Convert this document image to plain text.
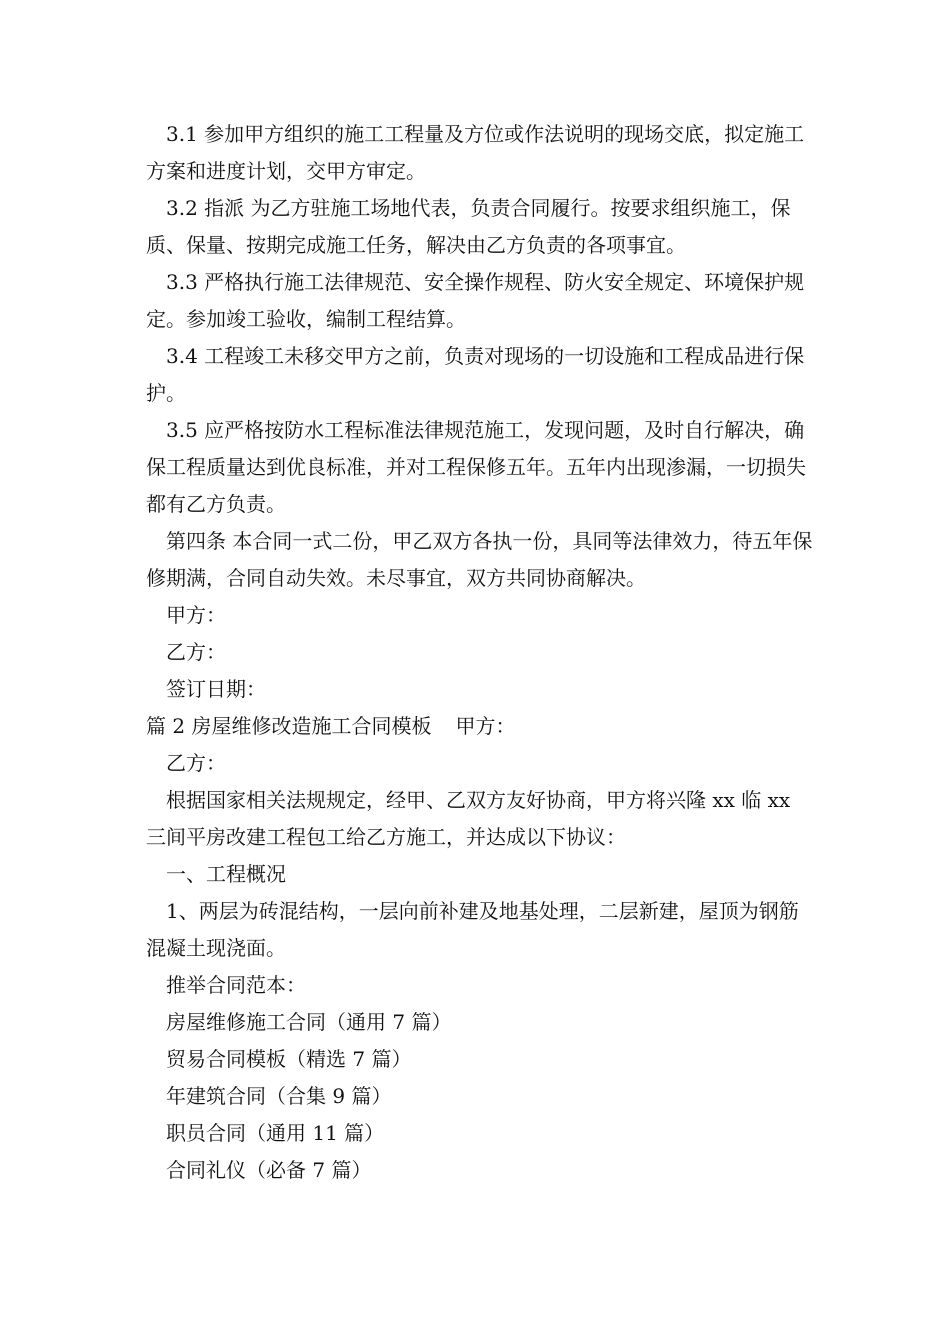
3.1 参加甲方组织的施工工程量及方位或作法说明的现场交底，拟定施工方案和进度计划，交甲方审定。

3.2 指派 为乙方驻施工场地代表，负责合同履行。按要求组织施工，保质、保量、按期完成施工任务，解决由乙方负责的各项事宜。

3.3 严格执行施工法律规范、安全操作规程、防火安全规定、环境保护规定。参加竣工验收，编制工程结算。

3.4 工程竣工未移交甲方之前，负责对现场的一切设施和工程成品进行保护。

3.5 应严格按防水工程标准法律规范施工，发现问题，及时自行解决，确保工程质量达到优良标准，并对工程保修五年。五年内出现渗漏，一切损失都有乙方负责。

第四条 本合同一式二份，甲乙双方各执一份，具同等法律效力，待五年保修期满，合同自动失效。未尽事宜，双方共同协商解决。

甲方：

乙方：

签订日期：

篇 2 房屋维修改造施工合同模板 甲方：

乙方：

根据国家相关法规规定，经甲、乙双方友好协商，甲方将兴隆 xx 临 xx 三间平房改建工程包工给乙方施工，并达成以下协议：

一、工程概况

1、两层为砖混结构，一层向前补建及地基处理，二层新建，屋顶为钢筋混凝土现浇面。

推举合同范本：

房屋维修施工合同（通用 7 篇）

贸易合同模板（精选 7 篇）

年建筑合同（合集 9 篇）

职员合同（通用 11 篇）

合同礼仪（必备 7 篇）
